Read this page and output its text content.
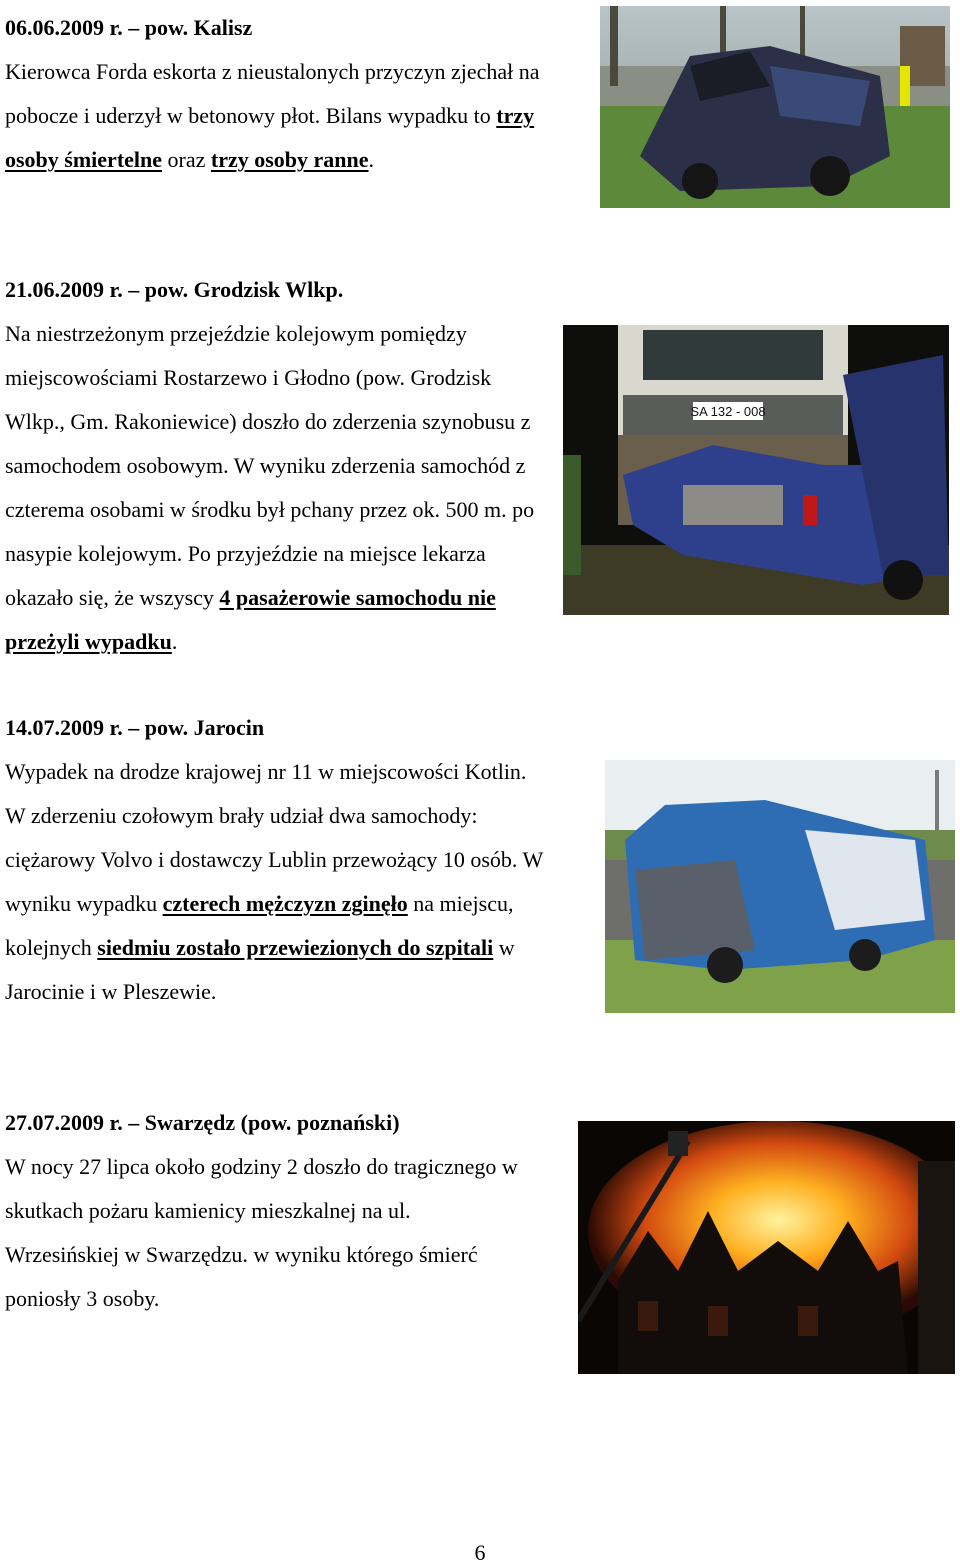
06.06.2009 r. – pow. Kalisz
Kierowca Forda eskorta z nieustalonych przyczyn zjechał na pobocze i uderzył w betonowy płot. Bilans wypadku to trzy osoby śmiertelne oraz trzy osoby ranne.
21.06.2009 r. – pow. Grodzisk Wlkp.
Na niestrzeżonym przejeździe kolejowym pomiędzy miejscowościami Rostarzewo i Głodno (pow. Grodzisk Wlkp., Gm. Rakoniewice) doszło do zderzenia szynobusu z samochodem osobowym. W wyniku zderzenia samochód z czterema osobami w środku był pchany przez ok. 500 m. po nasypie kolejowym. Po przyjeździe na miejsce lekarza okazało się, że wszyscy 4 pasażerowie samochodu nie przeżyli wypadku.
SA 132 - 008
14.07.2009 r. – pow. Jarocin
Wypadek na drodze krajowej nr 11 w miejscowości Kotlin. W zderzeniu czołowym brały udział dwa samochody: ciężarowy Volvo i dostawczy Lublin przewożący 10 osób. W wyniku wypadku czterech mężczyzn zginęło na miejscu, kolejnych siedmiu zostało przewiezionych do szpitali w Jarocinie i w Pleszewie.
27.07.2009 r. – Swarzędz (pow. poznański)
W nocy 27 lipca około godziny 2 doszło do tragicznego w skutkach pożaru kamienicy mieszkalnej na ul. Wrzesińskiej w Swarzędzu. w wyniku którego śmierć poniosły 3 osoby.
6
